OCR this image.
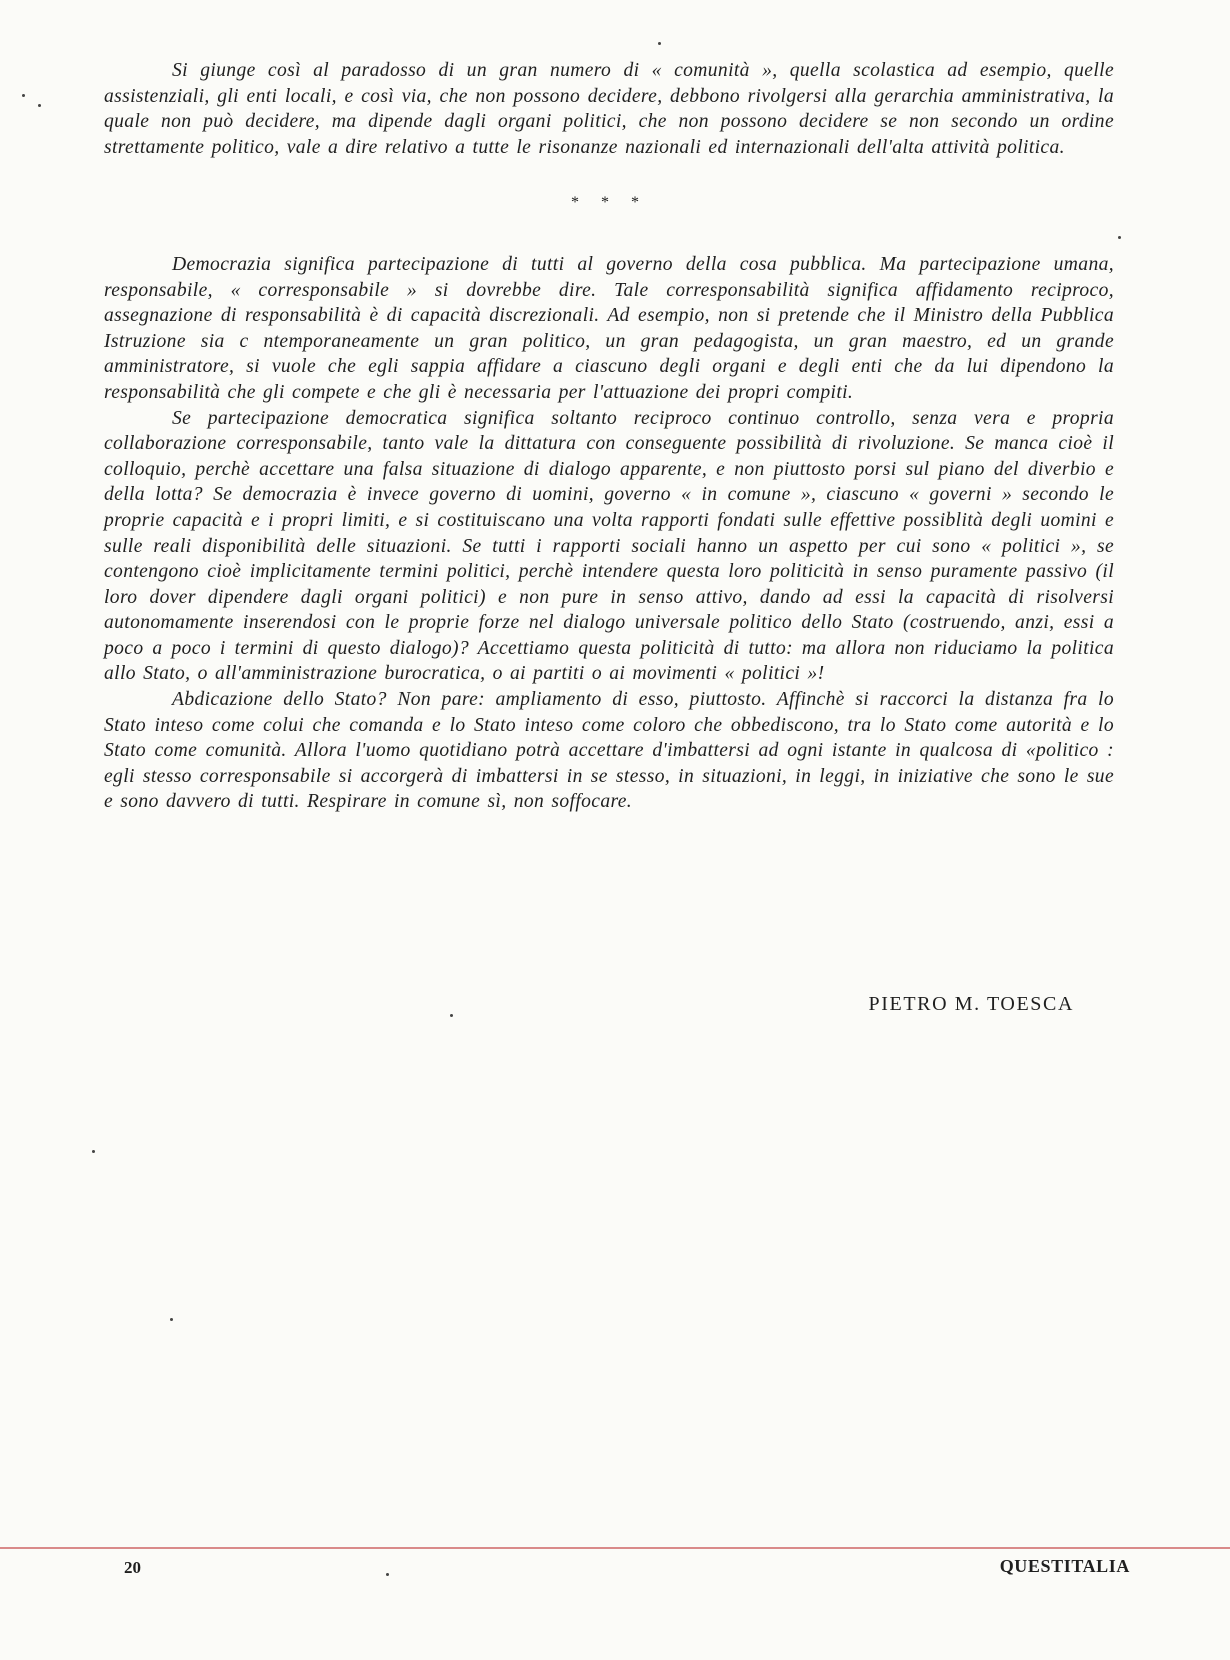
Si giunge così al paradosso di un gran numero di « comunità », quella scolastica ad esempio, quelle assistenziali, gli enti locali, e così via, che non possono decidere, debbono rivolgersi alla gerarchia amministrativa, la quale non può decidere, ma dipende dagli organi politici, che non possono decidere se non secondo un ordine strettamente politico, vale a dire relativo a tutte le risonanze nazionali ed internazionali dell'alta attività politica.

* * *

Democrazia significa partecipazione di tutti al governo della cosa pubblica. Ma partecipazione umana, responsabile, « corresponsabile » si dovrebbe dire. Tale corresponsabilità significa affidamento reciproco, assegnazione di responsabilità è di capacità discrezionali. Ad esempio, non si pretende che il Ministro della Pubblica Istruzione sia c ntemporaneamente un gran politico, un gran pedagogista, un gran maestro, ed un grande amministratore, si vuole che egli sappia affidare a ciascuno degli organi e degli enti che da lui dipendono la responsabilità che gli compete e che gli è necessaria per l'attuazione dei propri compiti.

Se partecipazione democratica significa soltanto reciproco continuo controllo, senza vera e propria collaborazione corresponsabile, tanto vale la dittatura con conseguente possibilità di rivoluzione. Se manca cioè il colloquio, perchè accettare una falsa situazione di dialogo apparente, e non piuttosto porsi sul piano del diverbio e della lotta? Se democrazia è invece governo di uomini, governo « in comune », ciascuno « governi » secondo le proprie capacità e i propri limiti, e si costituiscano una volta rapporti fondati sulle effettive possiblità degli uomini e sulle reali disponibilità delle situazioni. Se tutti i rapporti sociali hanno un aspetto per cui sono « politici », se contengono cioè implicitamente termini politici, perchè intendere questa loro politicità in senso puramente passivo (il loro dover dipendere dagli organi politici) e non pure in senso attivo, dando ad essi la capacità di risolversi autonomamente inserendosi con le proprie forze nel dialogo universale politico dello Stato (costruendo, anzi, essi a poco a poco i termini di questo dialogo)? Accettiamo questa politicità di tutto: ma allora non riduciamo la politica allo Stato, o all'amministrazione burocratica, o ai partiti o ai movimenti « politici »!

Abdicazione dello Stato? Non pare: ampliamento di esso, piuttosto. Affinchè si raccorci la distanza fra lo Stato inteso come colui che comanda e lo Stato inteso come coloro che obbediscono, tra lo Stato come autorità e lo Stato come comunità. Allora l'uomo quotidiano potrà accettare d'imbattersi ad ogni istante in qualcosa di «politico : egli stesso corresponsabile si accorgerà di imbattersi in se stesso, in situazioni, in leggi, in iniziative che sono le sue e sono davvero di tutti. Respirare in comune sì, non soffocare.

PIETRO M. TOESCA
20	QUESTITALIA
